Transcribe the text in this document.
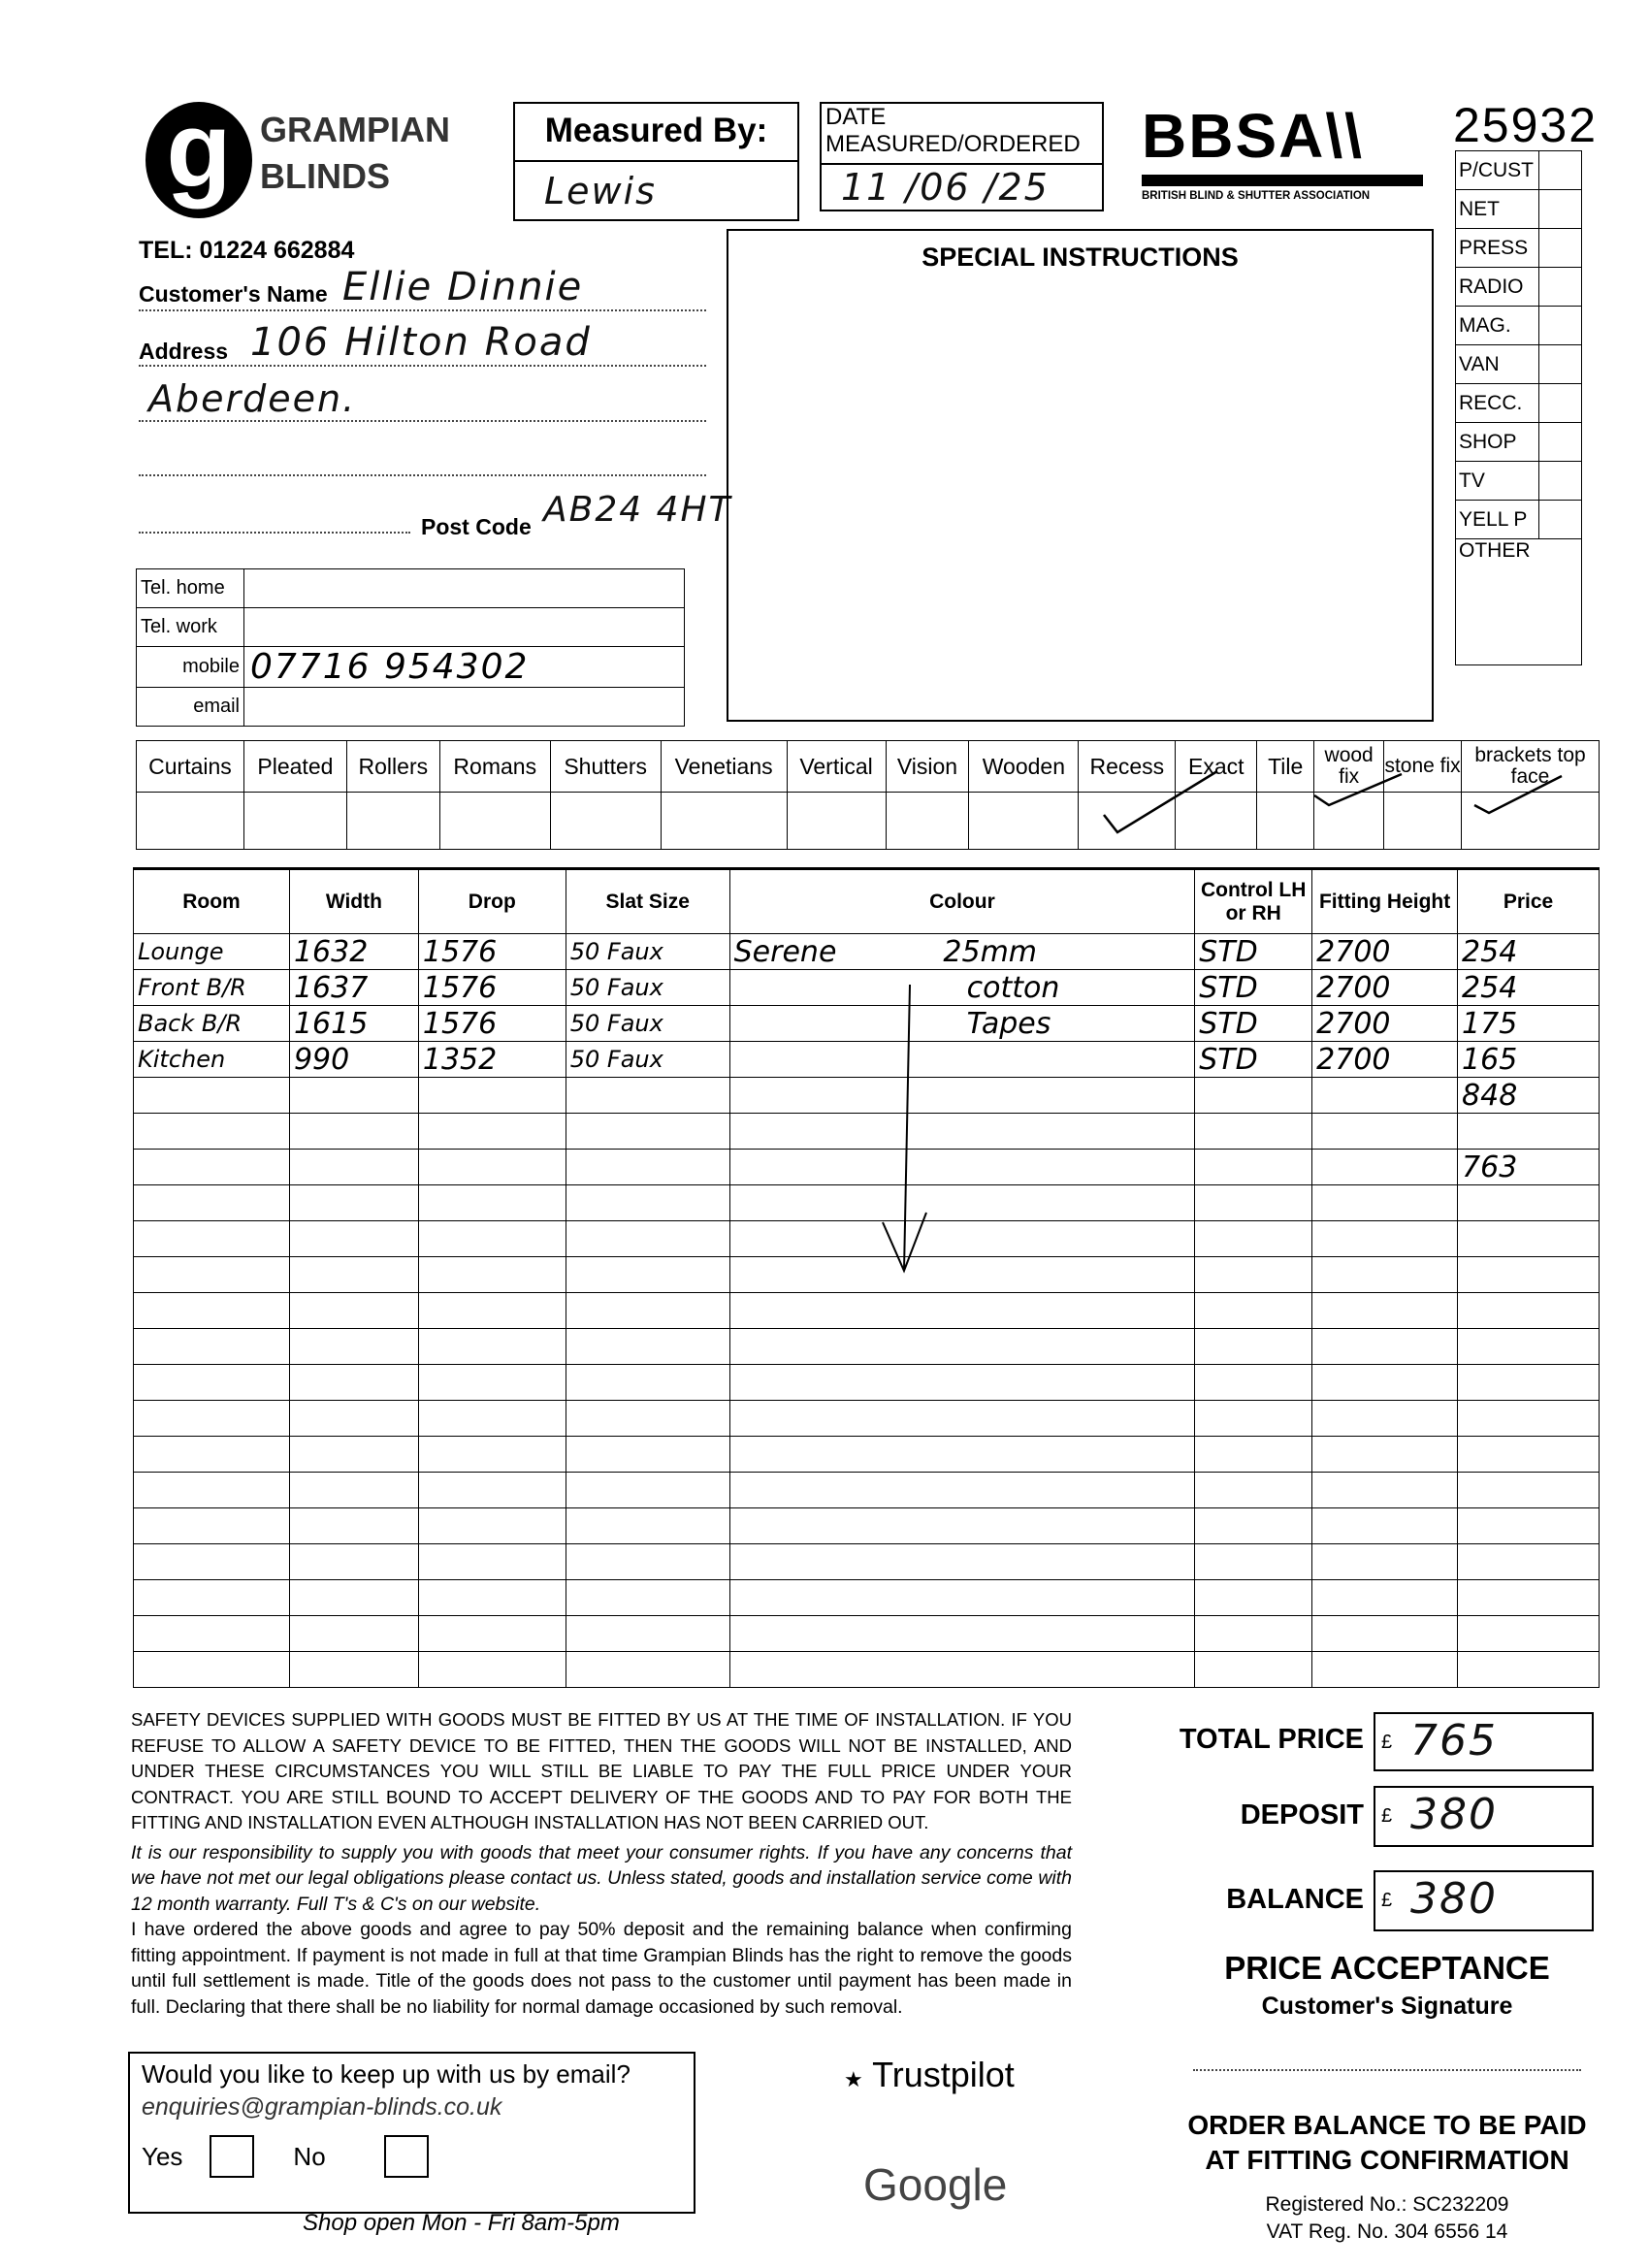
g GRAMPIAN
BLINDS
Measured By:
Lewis
DATE
MEASURED/ORDERED
11 /06 /25
BBSA\\
BRITISH BLIND & SHUTTER ASSOCIATION
25932
P/CUST	
NET	
PRESS	
RADIO	
MAG.	
VAN	
RECC.	
SHOP	
TV	
YELL P	
OTHER	
TEL: 01224 662884
Customer's Name Ellie Dinnie
Address 106 Hilton Road
Aberdeen.
Post Code AB24 4HT
SPECIAL INSTRUCTIONS
Tel. home	
Tel. work	
mobile	07716 954302
email	
Curtains	Pleated	Rollers	Romans	Shutters	Venetians	Vertical	Vision	Wooden	Recess	Exact	Tile	wood fix	stone fix	brackets top face

Room	Width	Drop	Slat Size	Colour	Control LH or RH	Fitting Height	Price
Lounge	1632	1576	50 Faux	Serene 25mm	STD	2700	254
Front B/R	1637	1576	50 Faux	cotton	STD	2700	254
Back B/R	1615	1576	50 Faux	Tapes	STD	2700	175
Kitchen	990	1352	50 Faux		STD	2700	165
							848

							763

SAFETY DEVICES SUPPLIED WITH GOODS MUST BE FITTED BY US AT THE TIME OF INSTALLATION. IF YOU REFUSE TO ALLOW A SAFETY DEVICE TO BE FITTED, THEN THE GOODS WILL NOT BE INSTALLED, AND UNDER THESE CIRCUMSTANCES YOU WILL STILL BE LIABLE TO PAY THE FULL PRICE UNDER YOUR CONTRACT. YOU ARE STILL BOUND TO ACCEPT DELIVERY OF THE GOODS AND TO PAY FOR BOTH THE FITTING AND INSTALLATION EVEN ALTHOUGH INSTALLATION HAS NOT BEEN CARRIED OUT.

It is our responsibility to supply you with goods that meet your consumer rights. If you have any concerns that we have not met our legal obligations please contact us. Unless stated, goods and installation service come with 12 month warranty. Full T's & C's on our website.

I have ordered the above goods and agree to pay 50% deposit and the remaining balance when confirming fitting appointment. If payment is not made in full at that time Grampian Blinds has the right to remove the goods until full settlement is made. Title of the goods does not pass to the customer until payment has been made in full. Declaring that there shall be no liability for normal damage occasioned by such removal.

Would you like to keep up with us by email?
enquiries@grampian-blinds.co.uk
Yes	No
Shop open Mon - Fri 8am-5pm
★ Trustpilot
Google
TOTAL PRICE £ 765
DEPOSIT £ 380
BALANCE £ 380
PRICE ACCEPTANCE
Customer's Signature
ORDER BALANCE TO BE PAID
AT FITTING CONFIRMATION
Registered No.: SC232209
VAT Reg. No. 304 6556 14
